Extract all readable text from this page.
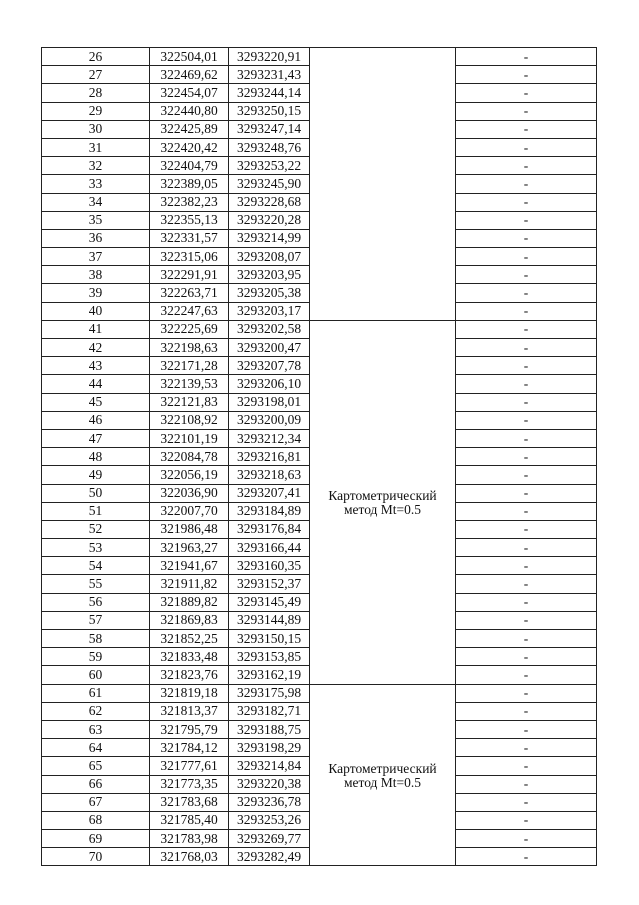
26	322504,01	3293220,91		-
27	322469,62	3293231,43		-
28	322454,07	3293244,14		-
29	322440,80	3293250,15		-
30	322425,89	3293247,14		-
31	322420,42	3293248,76		-
32	322404,79	3293253,22		-
33	322389,05	3293245,90		-
34	322382,23	3293228,68		-
35	322355,13	3293220,28		-
36	322331,57	3293214,99		-
37	322315,06	3293208,07		-
38	322291,91	3293203,95		-
39	322263,71	3293205,38		-
40	322247,63	3293203,17		-
41	322225,69	3293202,58	Картометрический
метод Mt=0.5	-
42	322198,63	3293200,47		-
43	322171,28	3293207,78		-
44	322139,53	3293206,10		-
45	322121,83	3293198,01		-
46	322108,92	3293200,09		-
47	322101,19	3293212,34		-
48	322084,78	3293216,81		-
49	322056,19	3293218,63		-
50	322036,90	3293207,41		-
51	322007,70	3293184,89		-
52	321986,48	3293176,84		-
53	321963,27	3293166,44		-
54	321941,67	3293160,35		-
55	321911,82	3293152,37		-
56	321889,82	3293145,49		-
57	321869,83	3293144,89		-
58	321852,25	3293150,15		-
59	321833,48	3293153,85		-
60	321823,76	3293162,19		-
61	321819,18	3293175,98	Картометрический
метод Mt=0.5	-
62	321813,37	3293182,71		-
63	321795,79	3293188,75		-
64	321784,12	3293198,29		-
65	321777,61	3293214,84		-
66	321773,35	3293220,38		-
67	321783,68	3293236,78		-
68	321785,40	3293253,26		-
69	321783,98	3293269,77		-
70	321768,03	3293282,49		-
